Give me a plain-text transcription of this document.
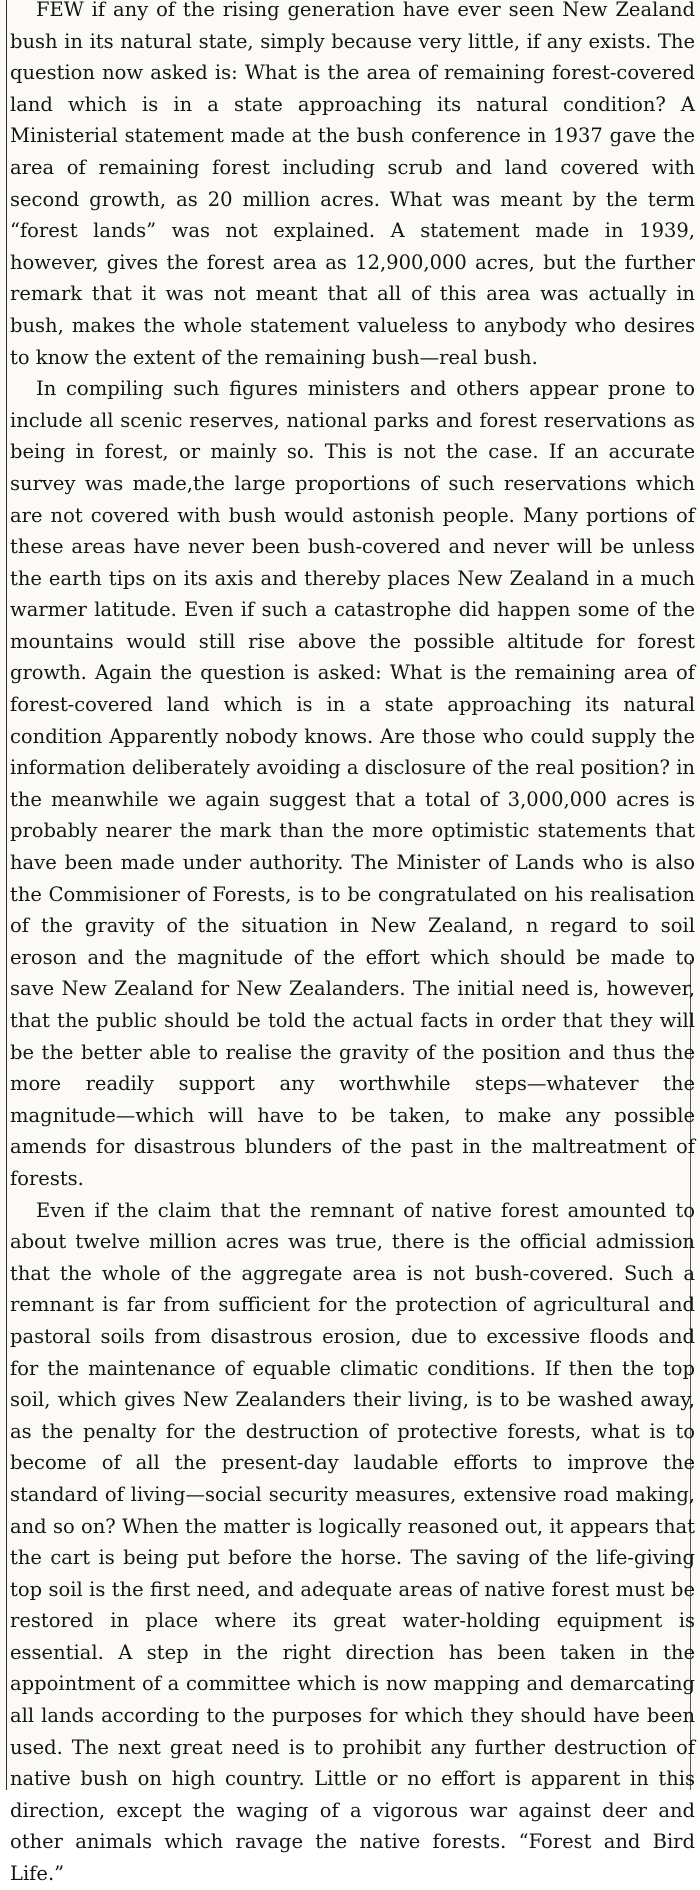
FEW if any of the rising generation have ever seen New Zealand bush in its natural state, simply because very little, if any exists. The question now asked is: What is the area of remaining forest-covered land which is in a state approaching its natural condition? A Ministerial statement made at the bush conference in 1937 gave the area of remaining forest including scrub and land covered with second growth, as 20 million acres. What was meant by the term “forest lands” was not explained. A statement made in 1939, however, gives the forest area as 12,900,000 acres, but the further remark that it was not meant that all of this area was actually in bush, makes the whole statement valueless to anybody who desires to know the extent of the remaining bush—real bush.

In compiling such figures ministers and others appear prone to include all scenic reserves, national parks and forest reservations as being in forest, or mainly so. This is not the case. If an accurate survey was made,the large proportions of such reservations which are not covered with bush would astonish people. Many portions of these areas have never been bush-covered and never will be unless the earth tips on its axis and thereby places New Zealand in a much warmer latitude. Even if such a catastrophe did happen some of the mountains would still rise above the possible altitude for forest growth. Again the question is asked: What is the remaining area of forest-covered land which is in a state approaching its natural condition Apparently nobody knows. Are those who could supply the information deliberately avoiding a disclosure of the real position? in the meanwhile we again suggest that a total of 3,000,000 acres is probably nearer the mark than the more optimistic statements that have been made under authority. The Minister of Lands who is also the Commisioner of Forests, is to be congratulated on his realisation of the gravity of the situation in New Zealand, n regard to soil eroson and the magnitude of the effort which should be made to save New Zealand for New Zealanders. The initial need is, however, that the public should be told the actual facts in order that they will be the better able to realise the gravity of the position and thus the more readily support any worthwhile steps—whatever the magnitude—which will have to be taken, to make any possible amends for disastrous blunders of the past in the maltreatment of forests.

Even if the claim that the remnant of native forest amounted to about twelve million acres was true, there is the official admission that the whole of the aggregate area is not bush-covered. Such a remnant is far from sufficient for the protection of agricultural and pastoral soils from disastrous erosion, due to excessive floods and for the maintenance of equable climatic conditions. If then the top soil, which gives New Zealanders their living, is to be washed away, as the penalty for the destruction of protective forests, what is to become of all the present-day laudable efforts to improve the standard of living—social security measures, extensive road making, and so on? When the matter is logically reasoned out, it appears that the cart is being put before the horse. The saving of the life-giving top soil is the first need, and adequate areas of native forest must be restored in place where its great water-holding equipment is essential. A step in the right direction has been taken in the appointment of a committee which is now mapping and demarcating all lands according to the purposes for which they should have been used. The next great need is to prohibit any further destruction of native bush on high country. Little or no effort is apparent in this direction, except the waging of a vigorous war against deer and other animals which ravage the native forests. “Forest and Bird Life.”
